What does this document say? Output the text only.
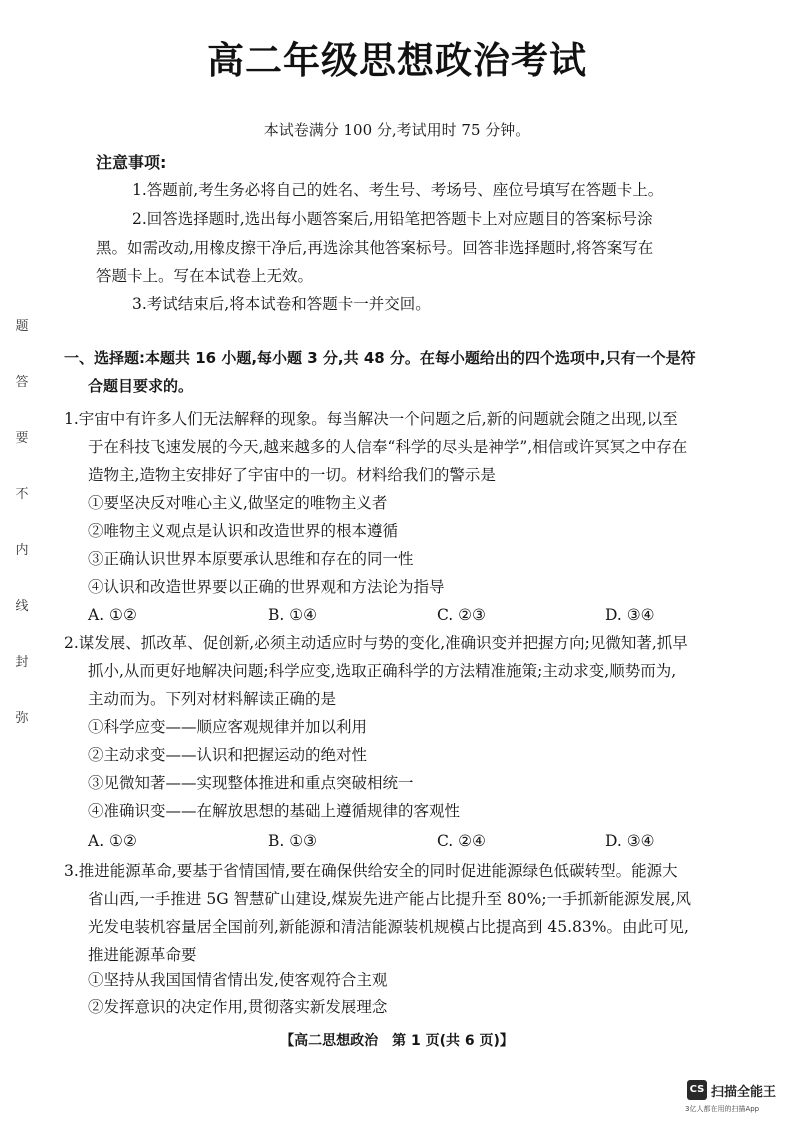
高二年级思想政治考试
本试卷满分 100 分,考试用时 75 分钟。
注意事项:
1.答题前,考生务必将自己的姓名、考生号、考场号、座位号填写在答题卡上。
2.回答选择题时,选出每小题答案后,用铅笔把答题卡上对应题目的答案标号涂
黑。如需改动,用橡皮擦干净后,再选涂其他答案标号。回答非选择题时,将答案写在
答题卡上。写在本试卷上无效。
3.考试结束后,将本试卷和答题卡一并交回。
题
答
要
不
内
线
封
弥
一、选择题:本题共 16 小题,每小题 3 分,共 48 分。在每小题给出的四个选项中,只有一个是符
合题目要求的。
1.宇宙中有许多人们无法解释的现象。每当解决一个问题之后,新的问题就会随之出现,以至
于在科技飞速发展的今天,越来越多的人信奉“科学的尽头是神学”,相信或许冥冥之中存在
造物主,造物主安排好了宇宙中的一切。材料给我们的警示是
①要坚决反对唯心主义,做坚定的唯物主义者
②唯物主义观点是认识和改造世界的根本遵循
③正确认识世界本原要承认思维和存在的同一性
④认识和改造世界要以正确的世界观和方法论为指导
A. ①②	B. ①④	C. ②③	D. ③④
2.谋发展、抓改革、促创新,必须主动适应时与势的变化,准确识变并把握方向;见微知著,抓早
抓小,从而更好地解决问题;科学应变,选取正确科学的方法精准施策;主动求变,顺势而为,
主动而为。下列对材料解读正确的是
①科学应变——顺应客观规律并加以利用
②主动求变——认识和把握运动的绝对性
③见微知著——实现整体推进和重点突破相统一
④准确识变——在解放思想的基础上遵循规律的客观性
A. ①②	B. ①③	C. ②④	D. ③④
3.推进能源革命,要基于省情国情,要在确保供给安全的同时促进能源绿色低碳转型。能源大
省山西,一手推进 5G 智慧矿山建设,煤炭先进产能占比提升至 80%;一手抓新能源发展,风
光发电装机容量居全国前列,新能源和清洁能源装机规模占比提高到 45.83%。由此可见,
推进能源革命要
①坚持从我国国情省情出发,使客观符合主观
②发挥意识的决定作用,贯彻落实新发展理念
【高二思想政治　第 1 页(共 6 页)】
CS 扫描全能王
3亿人都在用的扫描App
